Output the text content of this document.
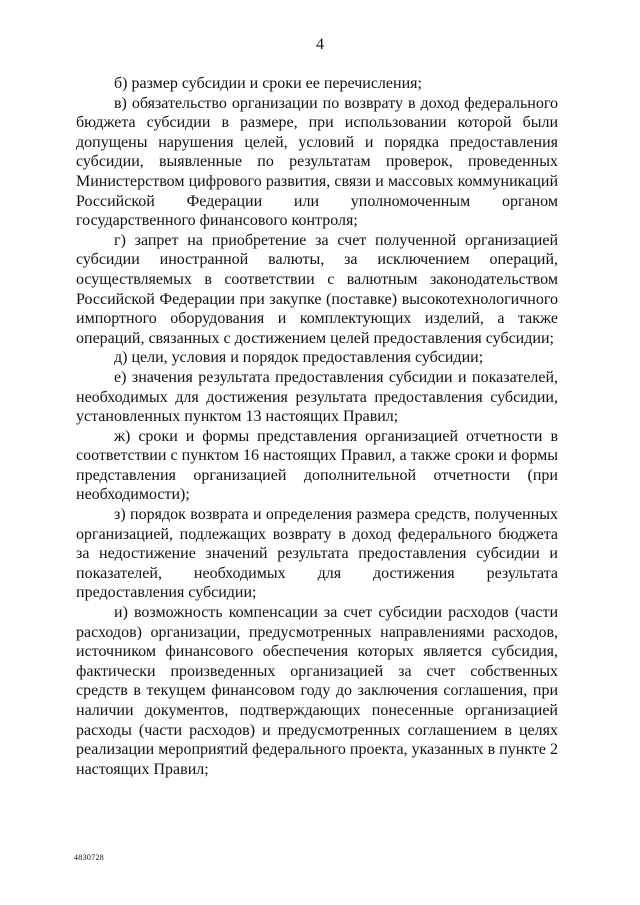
4

б) размер субсидии и сроки ее перечисления;

в) обязательство организации по возврату в доход федерального бюджета субсидии в размере, при использовании которой были допущены нарушения целей, условий и порядка предоставления субсидии, выявленные по результатам проверок, проведенных Министерством цифрового развития, связи и массовых коммуникаций Российской Федерации или уполномоченным органом государственного финансового контроля;

г) запрет на приобретение за счет полученной организацией субсидии иностранной валюты, за исключением операций, осуществляемых в соответствии с валютным законодательством Российской Федерации при закупке (поставке) высокотехнологичного импортного оборудования и комплектующих изделий, а также операций, связанных с достижением целей предоставления субсидии;

д) цели, условия и порядок предоставления субсидии;

е) значения результата предоставления субсидии и показателей, необходимых для достижения результата предоставления субсидии, установленных пунктом 13 настоящих Правил;

ж) сроки и формы представления организацией отчетности в соответствии с пунктом 16 настоящих Правил, а также сроки и формы представления организацией дополнительной отчетности (при необходимости);

з) порядок возврата и определения размера средств, полученных организацией, подлежащих возврату в доход федерального бюджета за недостижение значений результата предоставления субсидии и показателей, необходимых для достижения результата предоставления субсидии;

и) возможность компенсации за счет субсидии расходов (части расходов) организации, предусмотренных направлениями расходов, источником финансового обеспечения которых является субсидия, фактически произведенных организацией за счет собственных средств в текущем финансовом году до заключения соглашения, при наличии документов, подтверждающих понесенные организацией расходы (части расходов) и предусмотренных соглашением в целях реализации мероприятий федерального проекта, указанных в пункте 2 настоящих Правил;

4830728
